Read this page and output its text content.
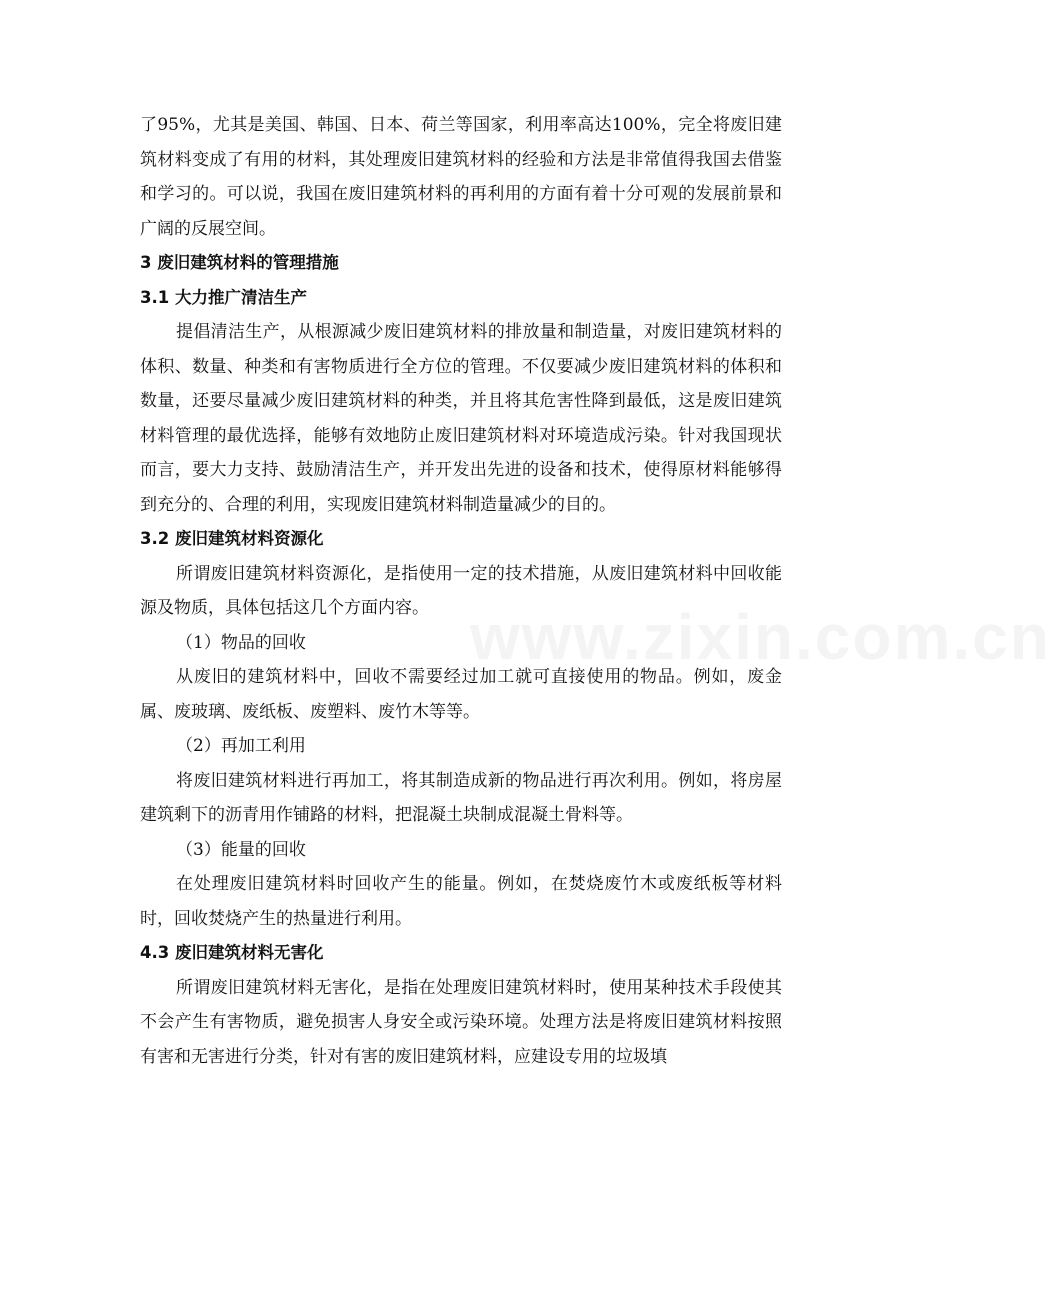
了95%，尤其是美国、韩国、日本、荷兰等国家，利用率高达100%，完全将废旧建筑材料变成了有用的材料，其处理废旧建筑材料的经验和方法是非常值得我国去借鉴和学习的。可以说，我国在废旧建筑材料的再利用的方面有着十分可观的发展前景和广阔的反展空间。

3 废旧建筑材料的管理措施

3.1 大力推广清洁生产

提倡清洁生产，从根源减少废旧建筑材料的排放量和制造量，对废旧建筑材料的体积、数量、种类和有害物质进行全方位的管理。不仅要减少废旧建筑材料的体积和数量，还要尽量减少废旧建筑材料的种类，并且将其危害性降到最低，这是废旧建筑材料管理的最优选择，能够有效地防止废旧建筑材料对环境造成污染。针对我国现状而言，要大力支持、鼓励清洁生产，并开发出先进的设备和技术，使得原材料能够得到充分的、合理的利用，实现废旧建筑材料制造量减少的目的。

3.2 废旧建筑材料资源化

所谓废旧建筑材料资源化，是指使用一定的技术措施，从废旧建筑材料中回收能源及物质，具体包括这几个方面内容。

（1）物品的回收

从废旧的建筑材料中，回收不需要经过加工就可直接使用的物品。例如，废金属、废玻璃、废纸板、废塑料、废竹木等等。

（2）再加工利用

将废旧建筑材料进行再加工，将其制造成新的物品进行再次利用。例如，将房屋建筑剩下的沥青用作铺路的材料，把混凝土块制成混凝土骨料等。

（3）能量的回收

在处理废旧建筑材料时回收产生的能量。例如，在焚烧废竹木或废纸板等材料时，回收焚烧产生的热量进行利用。

4.3 废旧建筑材料无害化

所谓废旧建筑材料无害化，是指在处理废旧建筑材料时，使用某种技术手段使其不会产生有害物质，避免损害人身安全或污染环境。处理方法是将废旧建筑材料按照有害和无害进行分类，针对有害的废旧建筑材料，应建设专用的垃圾填

www.zixin.com.cn
